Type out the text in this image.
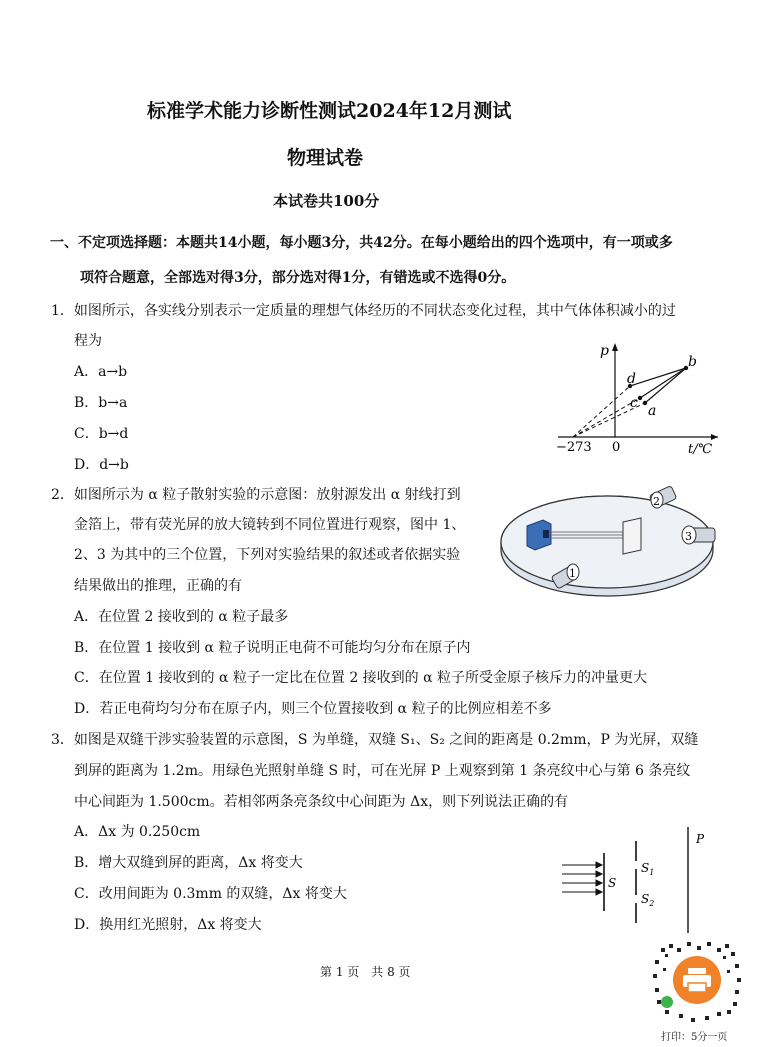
标准学术能力诊断性测试2024年12月测试
物理试卷
本试卷共100分
一、不定项选择题：本题共14小题，每小题3分，共42分。在每小题给出的四个选项中，有一项或多
项符合题意，全部选对得3分，部分选对得1分，有错选或不选得0分。
1．如图所示，各实线分别表示一定质量的理想气体经历的不同状态变化过程，其中气体体积减小的过
程为
A．a→b
B．b→a
C．b→d
D．d→b
p
b
d
c a
−273 0	t/℃
2．如图所示为 α 粒子散射实验的示意图：放射源发出 α 射线打到
金箔上，带有荧光屏的放大镜转到不同位置进行观察，图中 1、
2、3 为其中的三个位置，下列对实验结果的叙述或者依据实验
结果做出的推理，正确的有
A．在位置 2 接收到的 α 粒子最多
B．在位置 1 接收到 α 粒子说明正电荷不可能均匀分布在原子内
C．在位置 1 接收到的 α 粒子一定比在位置 2 接收到的 α 粒子所受金原子核斥力的冲量更大
D．若正电荷均匀分布在原子内，则三个位置接收到 α 粒子的比例应相差不多
2
3
1
3．如图是双缝干涉实验装置的示意图，S 为单缝，双缝 S₁、S₂ 之间的距离是 0.2mm，P 为光屏，双缝
到屏的距离为 1.2m。用绿色光照射单缝 S 时，可在光屏 P 上观察到第 1 条亮纹中心与第 6 条亮纹
中心间距为 1.500cm。若相邻两条亮条纹中心间距为 Δx，则下列说法正确的有
A．Δx 为 0.250cm
B．增大双缝到屏的距离，Δx 将变大
C．改用间距为 0.3mm 的双缝，Δx 将变大
D．换用红光照射，Δx 将变大
S
$S_1$
$S_2$
P
第 1 页　共 8 页
打印：5分一页
